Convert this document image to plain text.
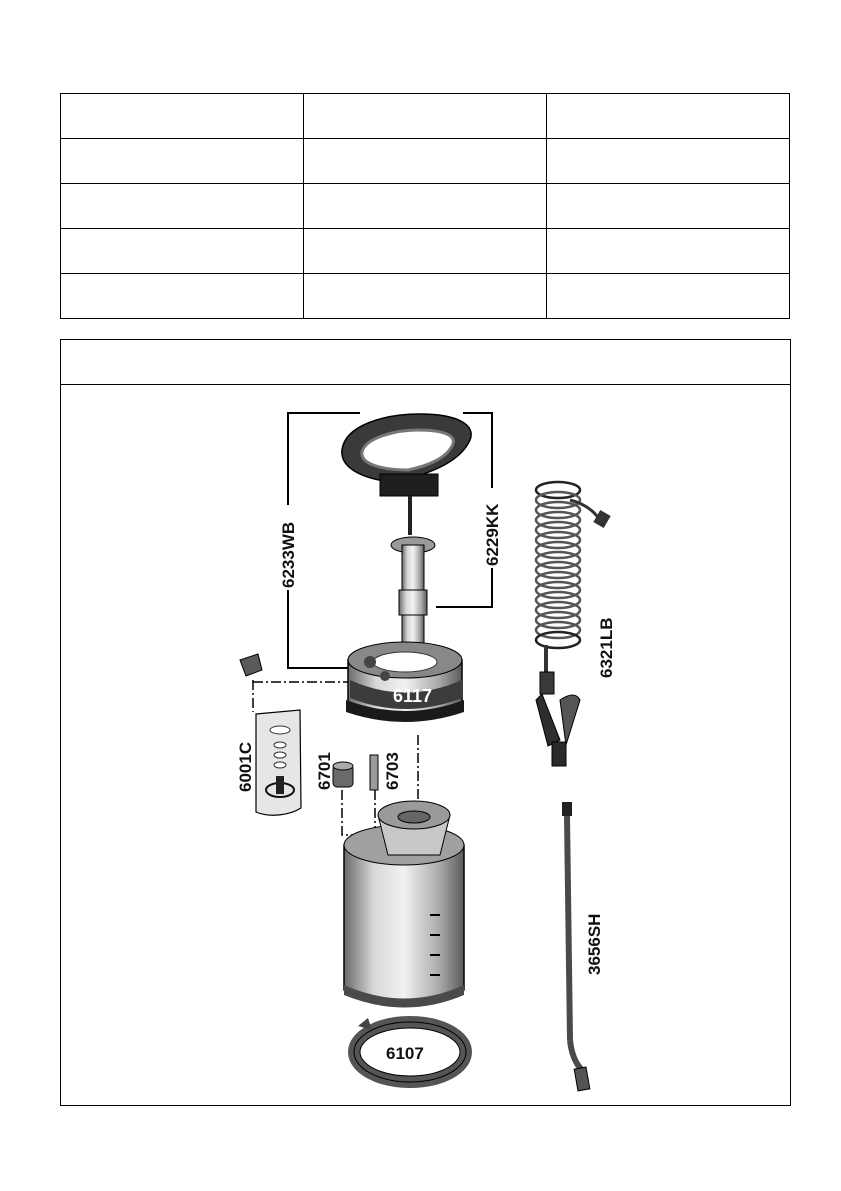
6233WB	6229KK
6117
6321LB
6001C	6701	6703
3656SH
6107
